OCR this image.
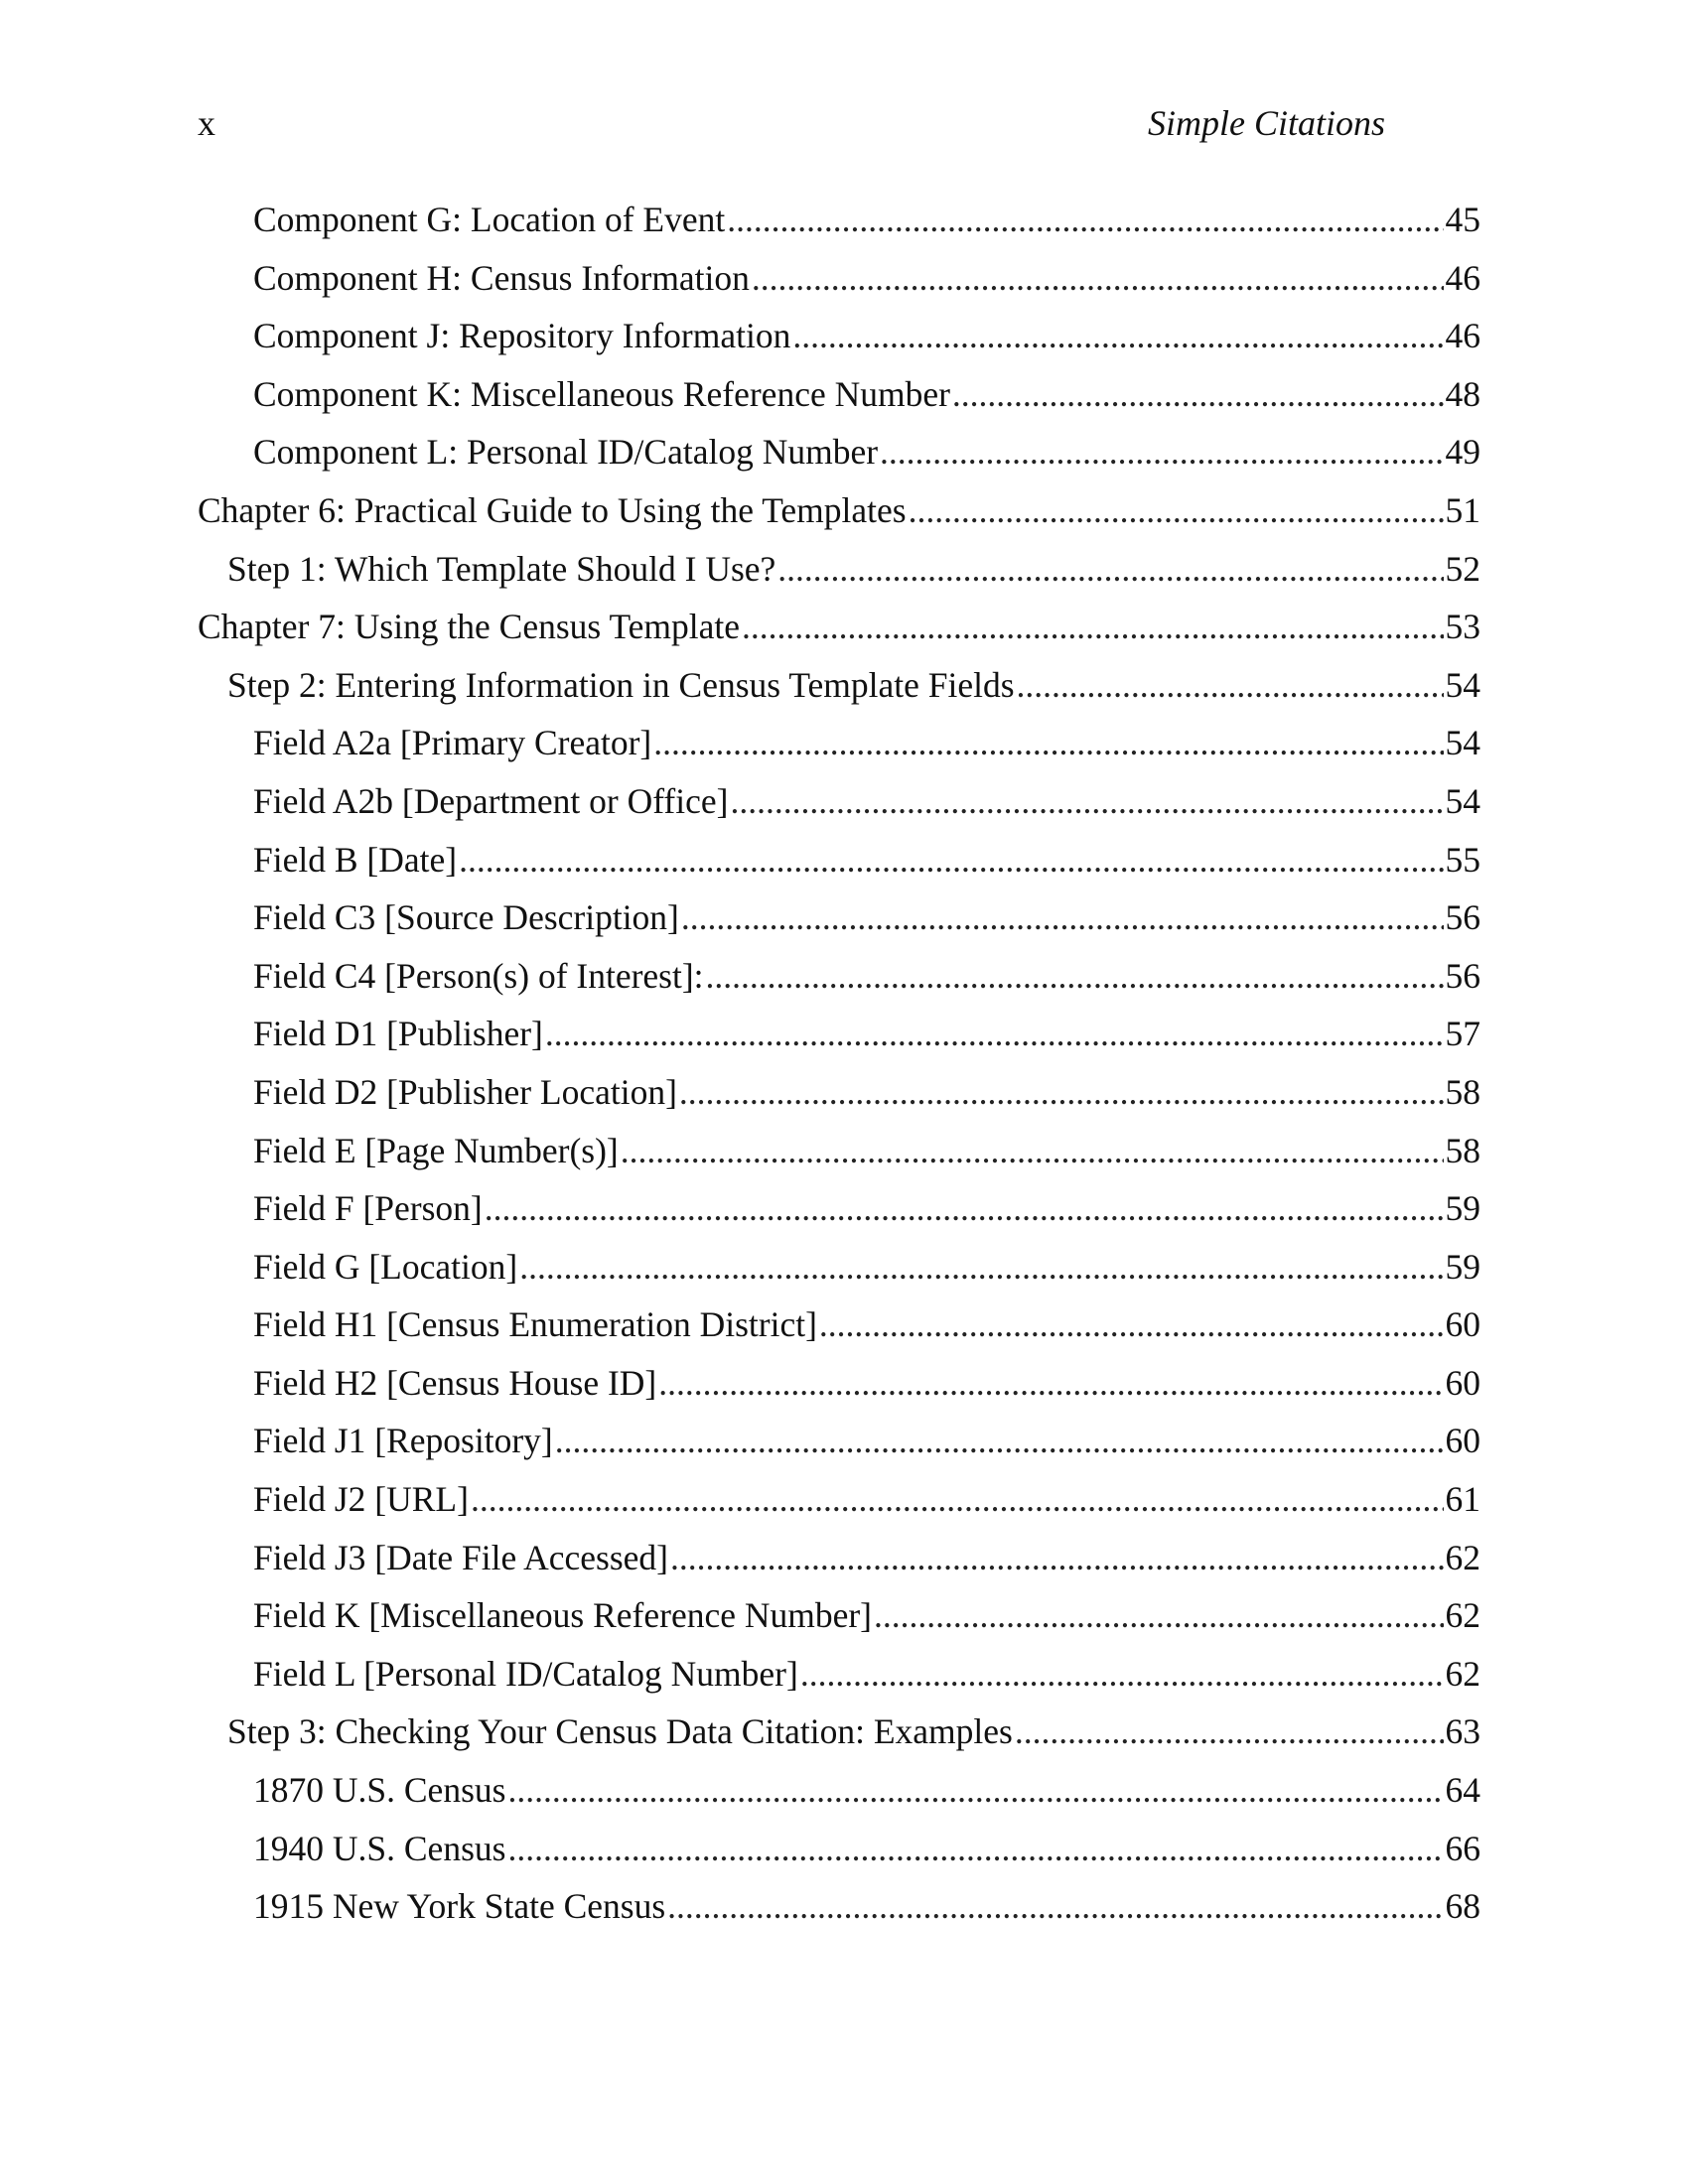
x	Simple Citations
Component G: Location of Event .....	45
Component H: Census Information .....	46
Component J: Repository Information .....	46
Component K: Miscellaneous Reference Number .....	48
Component L: Personal ID/Catalog Number .....	49
Chapter 6: Practical Guide to Using the Templates .....	51
Step 1: Which Template Should I Use? .....	52
Chapter 7: Using the Census Template .....	53
Step 2: Entering Information in Census Template Fields .....	54
Field A2a [Primary Creator] .....	54
Field A2b [Department or Office] .....	54
Field B [Date] .....	55
Field C3 [Source Description] .....	56
Field C4 [Person(s) of Interest]: .....	56
Field D1 [Publisher] .....	57
Field D2 [Publisher Location] .....	58
Field E [Page Number(s)] .....	58
Field F [Person] .....	59
Field G [Location] .....	59
Field H1 [Census Enumeration District] .....	60
Field H2 [Census House ID] .....	60
Field J1 [Repository] .....	60
Field J2 [URL] .....	61
Field J3 [Date File Accessed] .....	62
Field K [Miscellaneous Reference Number] .....	62
Field L [Personal ID/Catalog Number] .....	62
Step 3: Checking Your Census Data Citation: Examples .....	63
1870 U.S. Census .....	64
1940 U.S. Census .....	66
1915 New York State Census .....	68
